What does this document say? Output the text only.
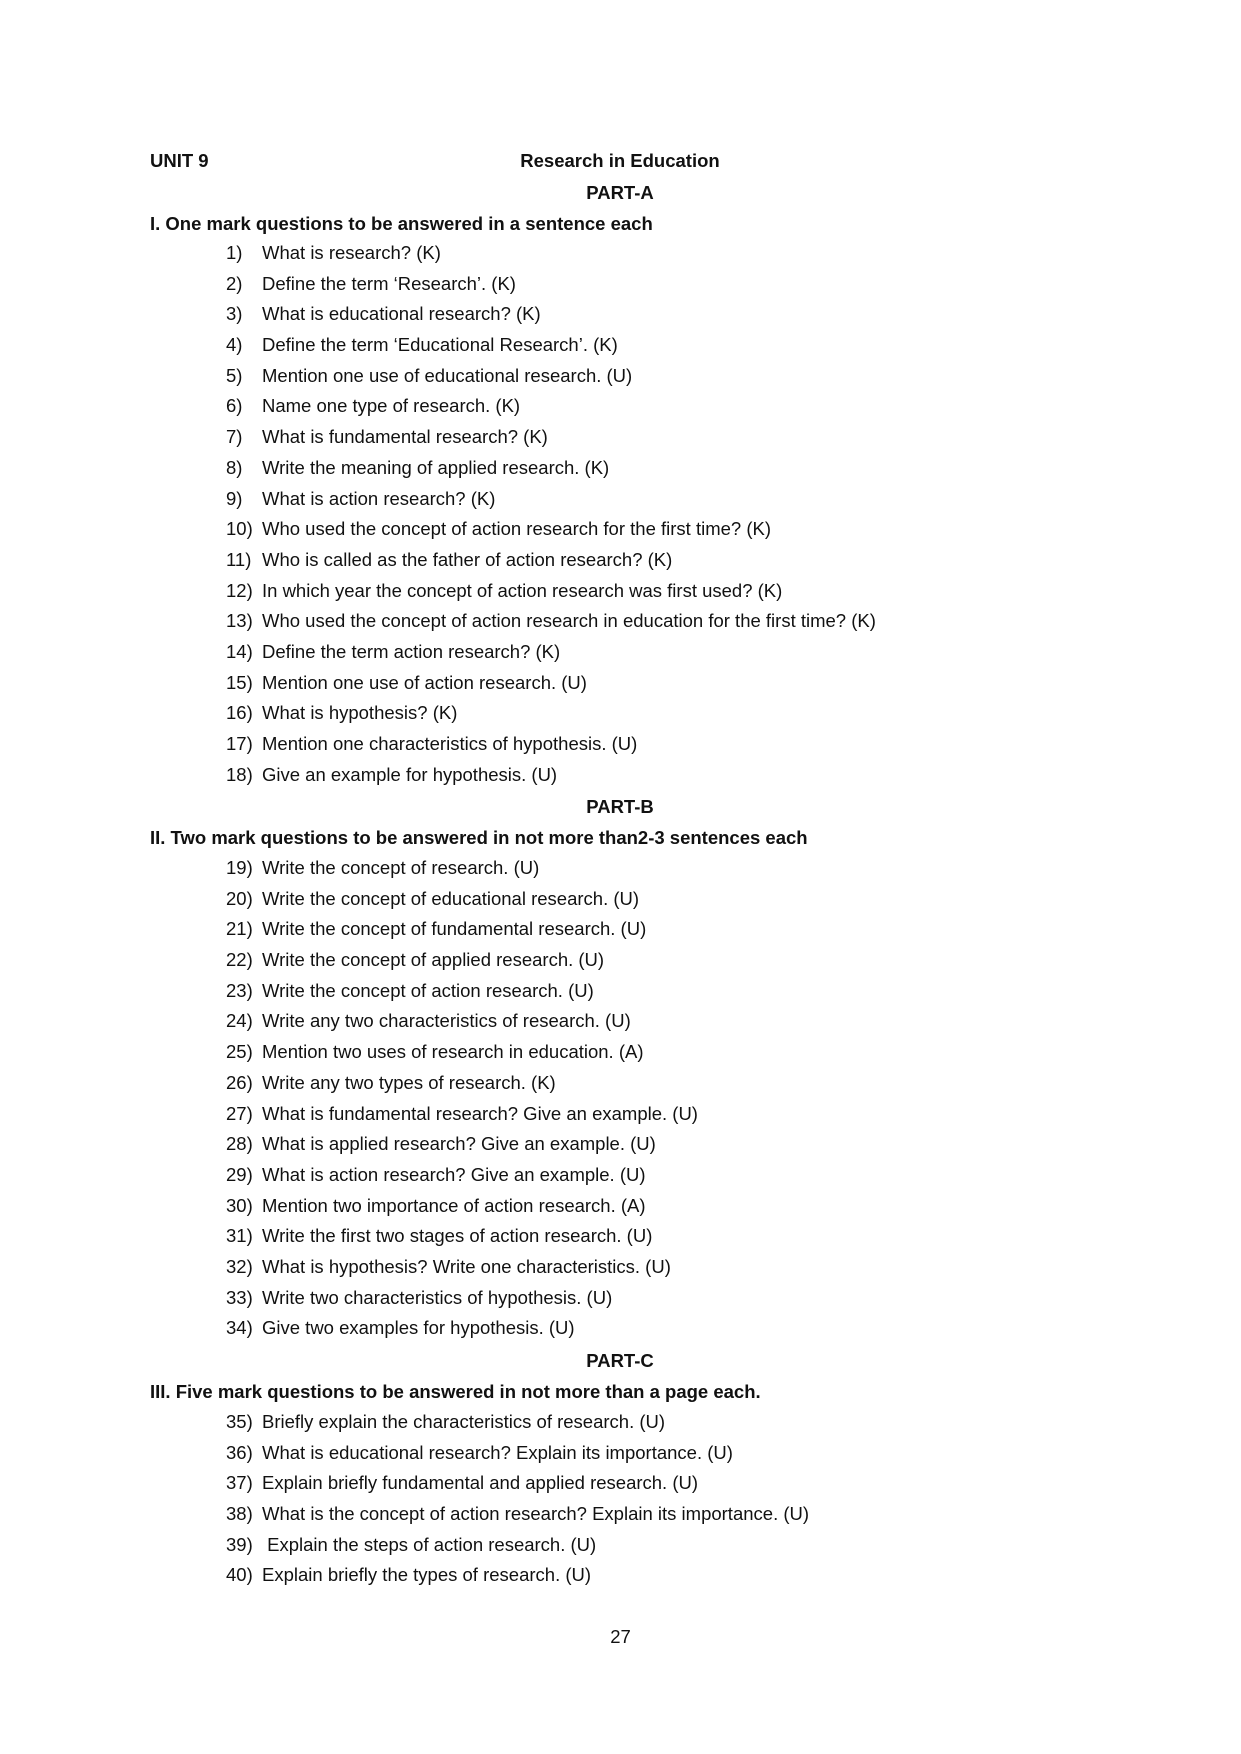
Research in Education
UNIT 9
PART-A
I. One mark questions to be answered in a sentence each
1)	What is research? (K)
2)	Define the term ‘Research’. (K)
3)	What is educational research? (K)
4)	Define the term ‘Educational Research’. (K)
5)	Mention one use of educational research. (U)
6)	Name one type of research. (K)
7)	What is fundamental research? (K)
8)	Write the meaning of applied research. (K)
9)	What is action research? (K)
10) Who used the concept of action research for the first time? (K)
11) Who is called as the father of action research? (K)
12) In which year the concept of action research was first used? (K)
13) Who used the concept of action research in education for the first time? (K)
14) Define the term action research? (K)
15) Mention one use of action research. (U)
16) What is hypothesis? (K)
17) Mention one characteristics of hypothesis. (U)
18) Give an example for hypothesis. (U)
PART-B
II. Two mark questions to be answered in not more than2-3 sentences each
19) Write the concept of research. (U)
20) Write the concept of educational research. (U)
21) Write the concept of fundamental research. (U)
22) Write the concept of applied research. (U)
23) Write the concept of action research. (U)
24) Write any two characteristics of research. (U)
25) Mention two uses of research in education. (A)
26) Write any two types of research. (K)
27) What is fundamental research? Give an example. (U)
28) What is applied research? Give an example. (U)
29) What is action research? Give an example. (U)
30) Mention two importance of action research. (A)
31) Write the first two stages of action research. (U)
32) What is hypothesis? Write one characteristics. (U)
33) Write two characteristics of hypothesis. (U)
34) Give two examples for hypothesis. (U)
PART-C
III. Five mark questions to be answered in not more than a page each.
35) Briefly explain the characteristics of research. (U)
36) What is educational research? Explain its importance. (U)
37) Explain briefly fundamental and applied research. (U)
38) What is the concept of action research? Explain its importance. (U)
39) Explain the steps of action research. (U)
40) Explain briefly the types of research. (U)
27
